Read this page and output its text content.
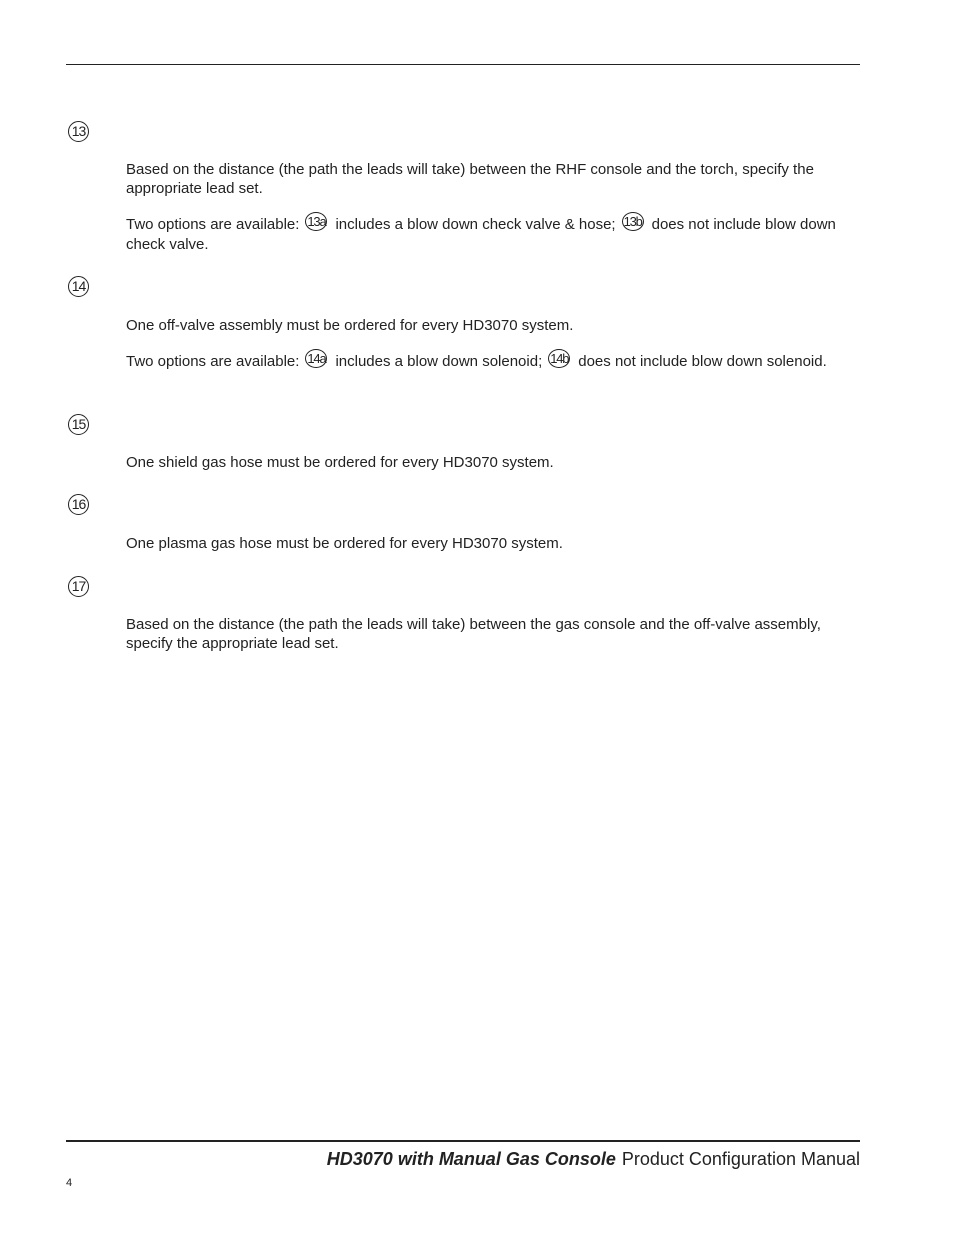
13

Based on the distance (the path the leads will take) between the RHF console and the torch, specify the appropriate lead set.

Two options are available: 13a includes a blow down check valve & hose; 13b does not include blow down check valve.

14

One off-valve assembly must be ordered for every HD3070 system.

Two options are available: 14a includes a blow down solenoid; 14b does not include blow down solenoid.

15

One shield gas hose must be ordered for every HD3070 system.

16

One plasma gas hose must be ordered for every HD3070 system.

17

Based on the distance (the path the leads will take) between the gas console and the off-valve assembly, specify the appropriate lead set.

HD3070 with Manual Gas Console Product Configuration Manual
4
